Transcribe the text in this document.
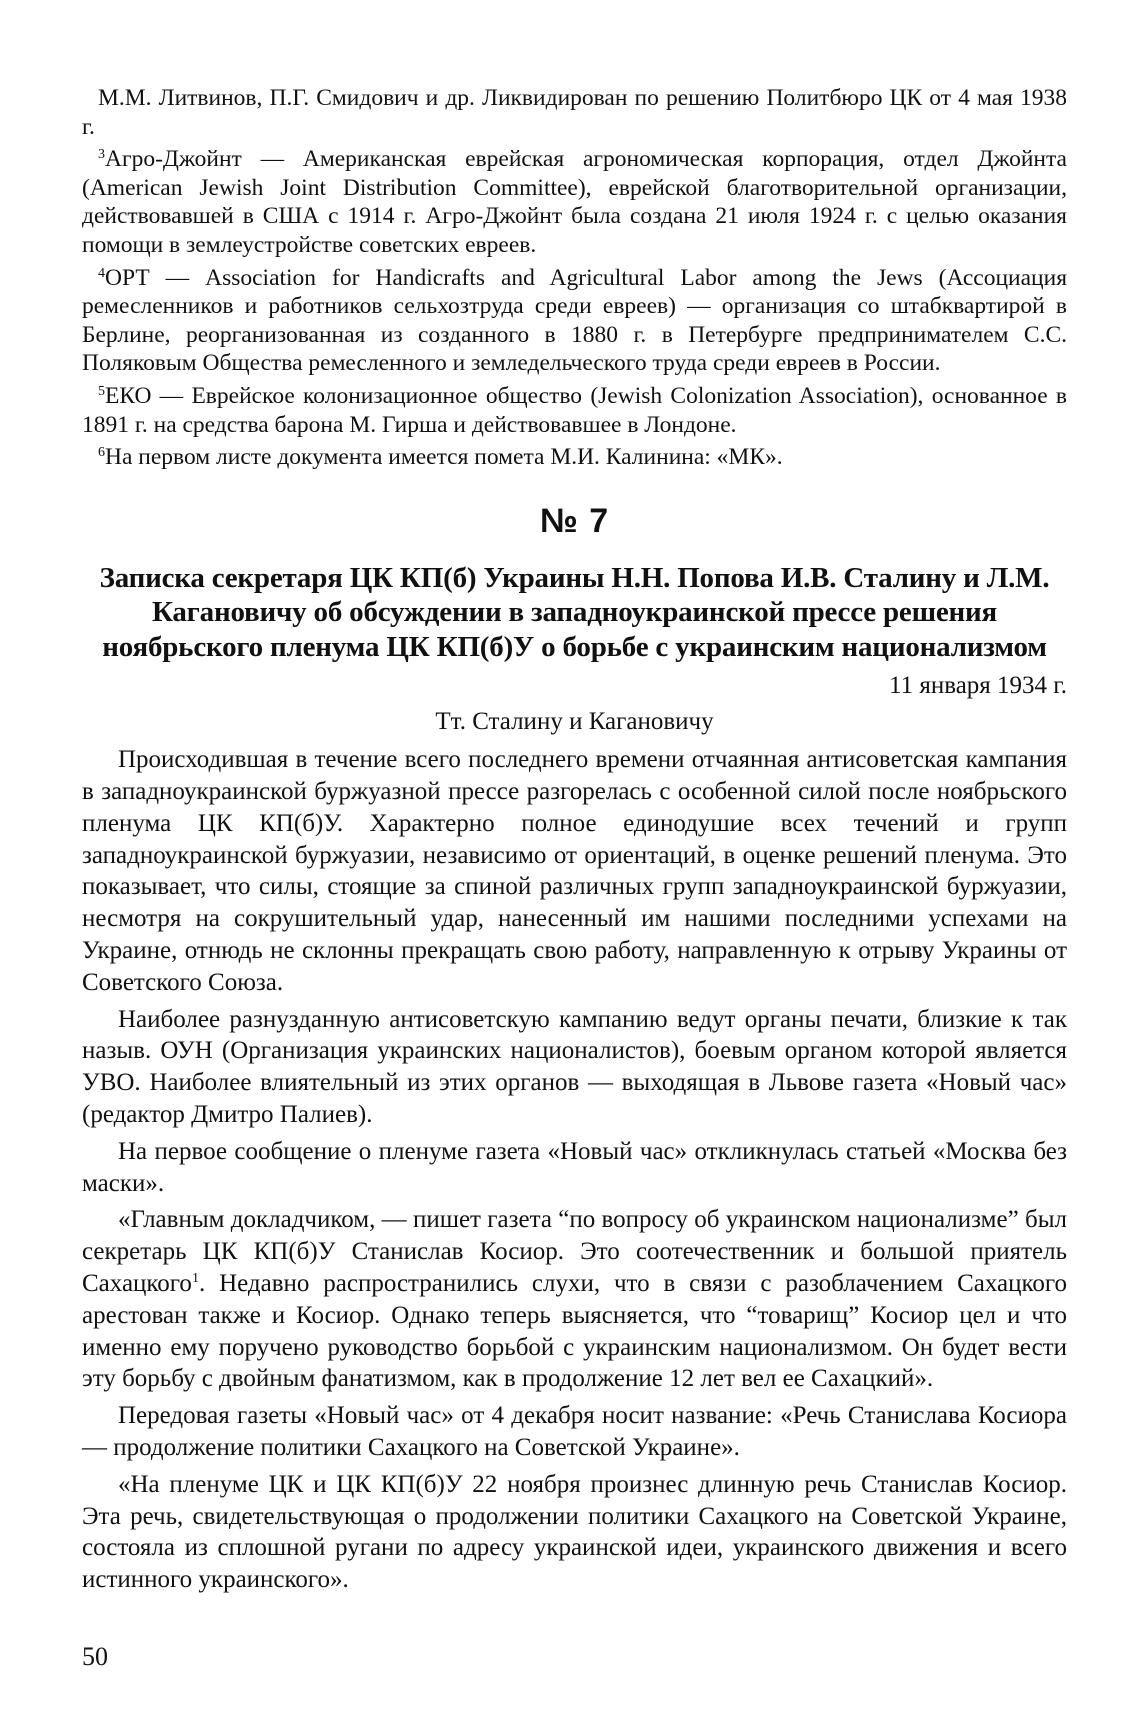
М.М. Литвинов, П.Г. Смидович и др. Ликвидирован по решению Политбюро ЦК от 4 мая 1938 г.

$^3$Агро-Джойнт — Американская еврейская агрономическая корпорация, отдел Джойнта (American Jewish Joint Distribution Committee), еврейской благотворительной организации, действовавшей в США с 1914 г. Агро-Джойнт была создана 21 июля 1924 г. с целью оказания помощи в землеустройстве советских евреев.

$^4$ОРТ — Association for Handicrafts and Agricultural Labor among the Jews (Ассоциация ремесленников и работников сельхозтруда среди евреев) — организация со штабквартирой в Берлине, реорганизованная из созданного в 1880 г. в Петербурге предпринимателем С.С. Поляковым Общества ремесленного и земледельческого труда среди евреев в России.

$^5$ЕКО — Еврейское колонизационное общество (Jewish Colonization Association), основанное в 1891 г. на средства барона М. Гирша и действовавшее в Лондоне.

$^6$На первом листе документа имеется помета М.И. Калинина: «МК».

№ 7
Записка секретаря ЦК КП(б) Украины Н.Н. Попова И.В. Сталину и Л.М. Кагановичу об обсуждении в западноукраинской прессе решения ноябрьского пленума ЦК КП(б)У о борьбе с украинским национализмом
11 января 1934 г.
Тт. Сталину и Кагановичу

Происходившая в течение всего последнего времени отчаянная антисоветская кампания в западноукраинской буржуазной прессе разгорелась с особенной силой после ноябрьского пленума ЦК КП(б)У. Характерно полное единодушие всех течений и групп западноукраинской буржуазии, независимо от ориентаций, в оценке решений пленума. Это показывает, что силы, стоящие за спиной различных групп западноукраинской буржуазии, несмотря на сокрушительный удар, нанесенный им нашими последними успехами на Украине, отнюдь не склонны прекращать свою работу, направленную к отрыву Украины от Советского Союза.

Наиболее разнузданную антисоветскую кампанию ведут органы печати, близкие к так назыв. ОУН (Организация украинских националистов), боевым органом которой является УВО. Наиболее влиятельный из этих органов — выходящая в Львове газета «Новый час» (редактор Дмитро Палиев).

На первое сообщение о пленуме газета «Новый час» откликнулась статьей «Москва без маски».

«Главным докладчиком, — пишет газета “по вопросу об украинском национализме” был секретарь ЦК КП(б)У Станислав Косиор. Это соотечественник и большой приятель Сахацкого$^1$. Недавно распространились слухи, что в связи с разоблачением Сахацкого арестован также и Косиор. Однако теперь выясняется, что “товарищ” Косиор цел и что именно ему поручено руководство борьбой с украинским национализмом. Он будет вести эту борьбу с двойным фанатизмом, как в продолжение 12 лет вел ее Сахацкий».

Передовая газеты «Новый час» от 4 декабря носит название: «Речь Станислава Косиора — продолжение политики Сахацкого на Советской Украине».

«На пленуме ЦК и ЦК КП(б)У 22 ноября произнес длинную речь Станислав Косиор. Эта речь, свидетельствующая о продолжении политики Сахацкого на Советской Украине, состояла из сплошной ругани по адресу украинской идеи, украинского движения и всего истинного украинского».

50
